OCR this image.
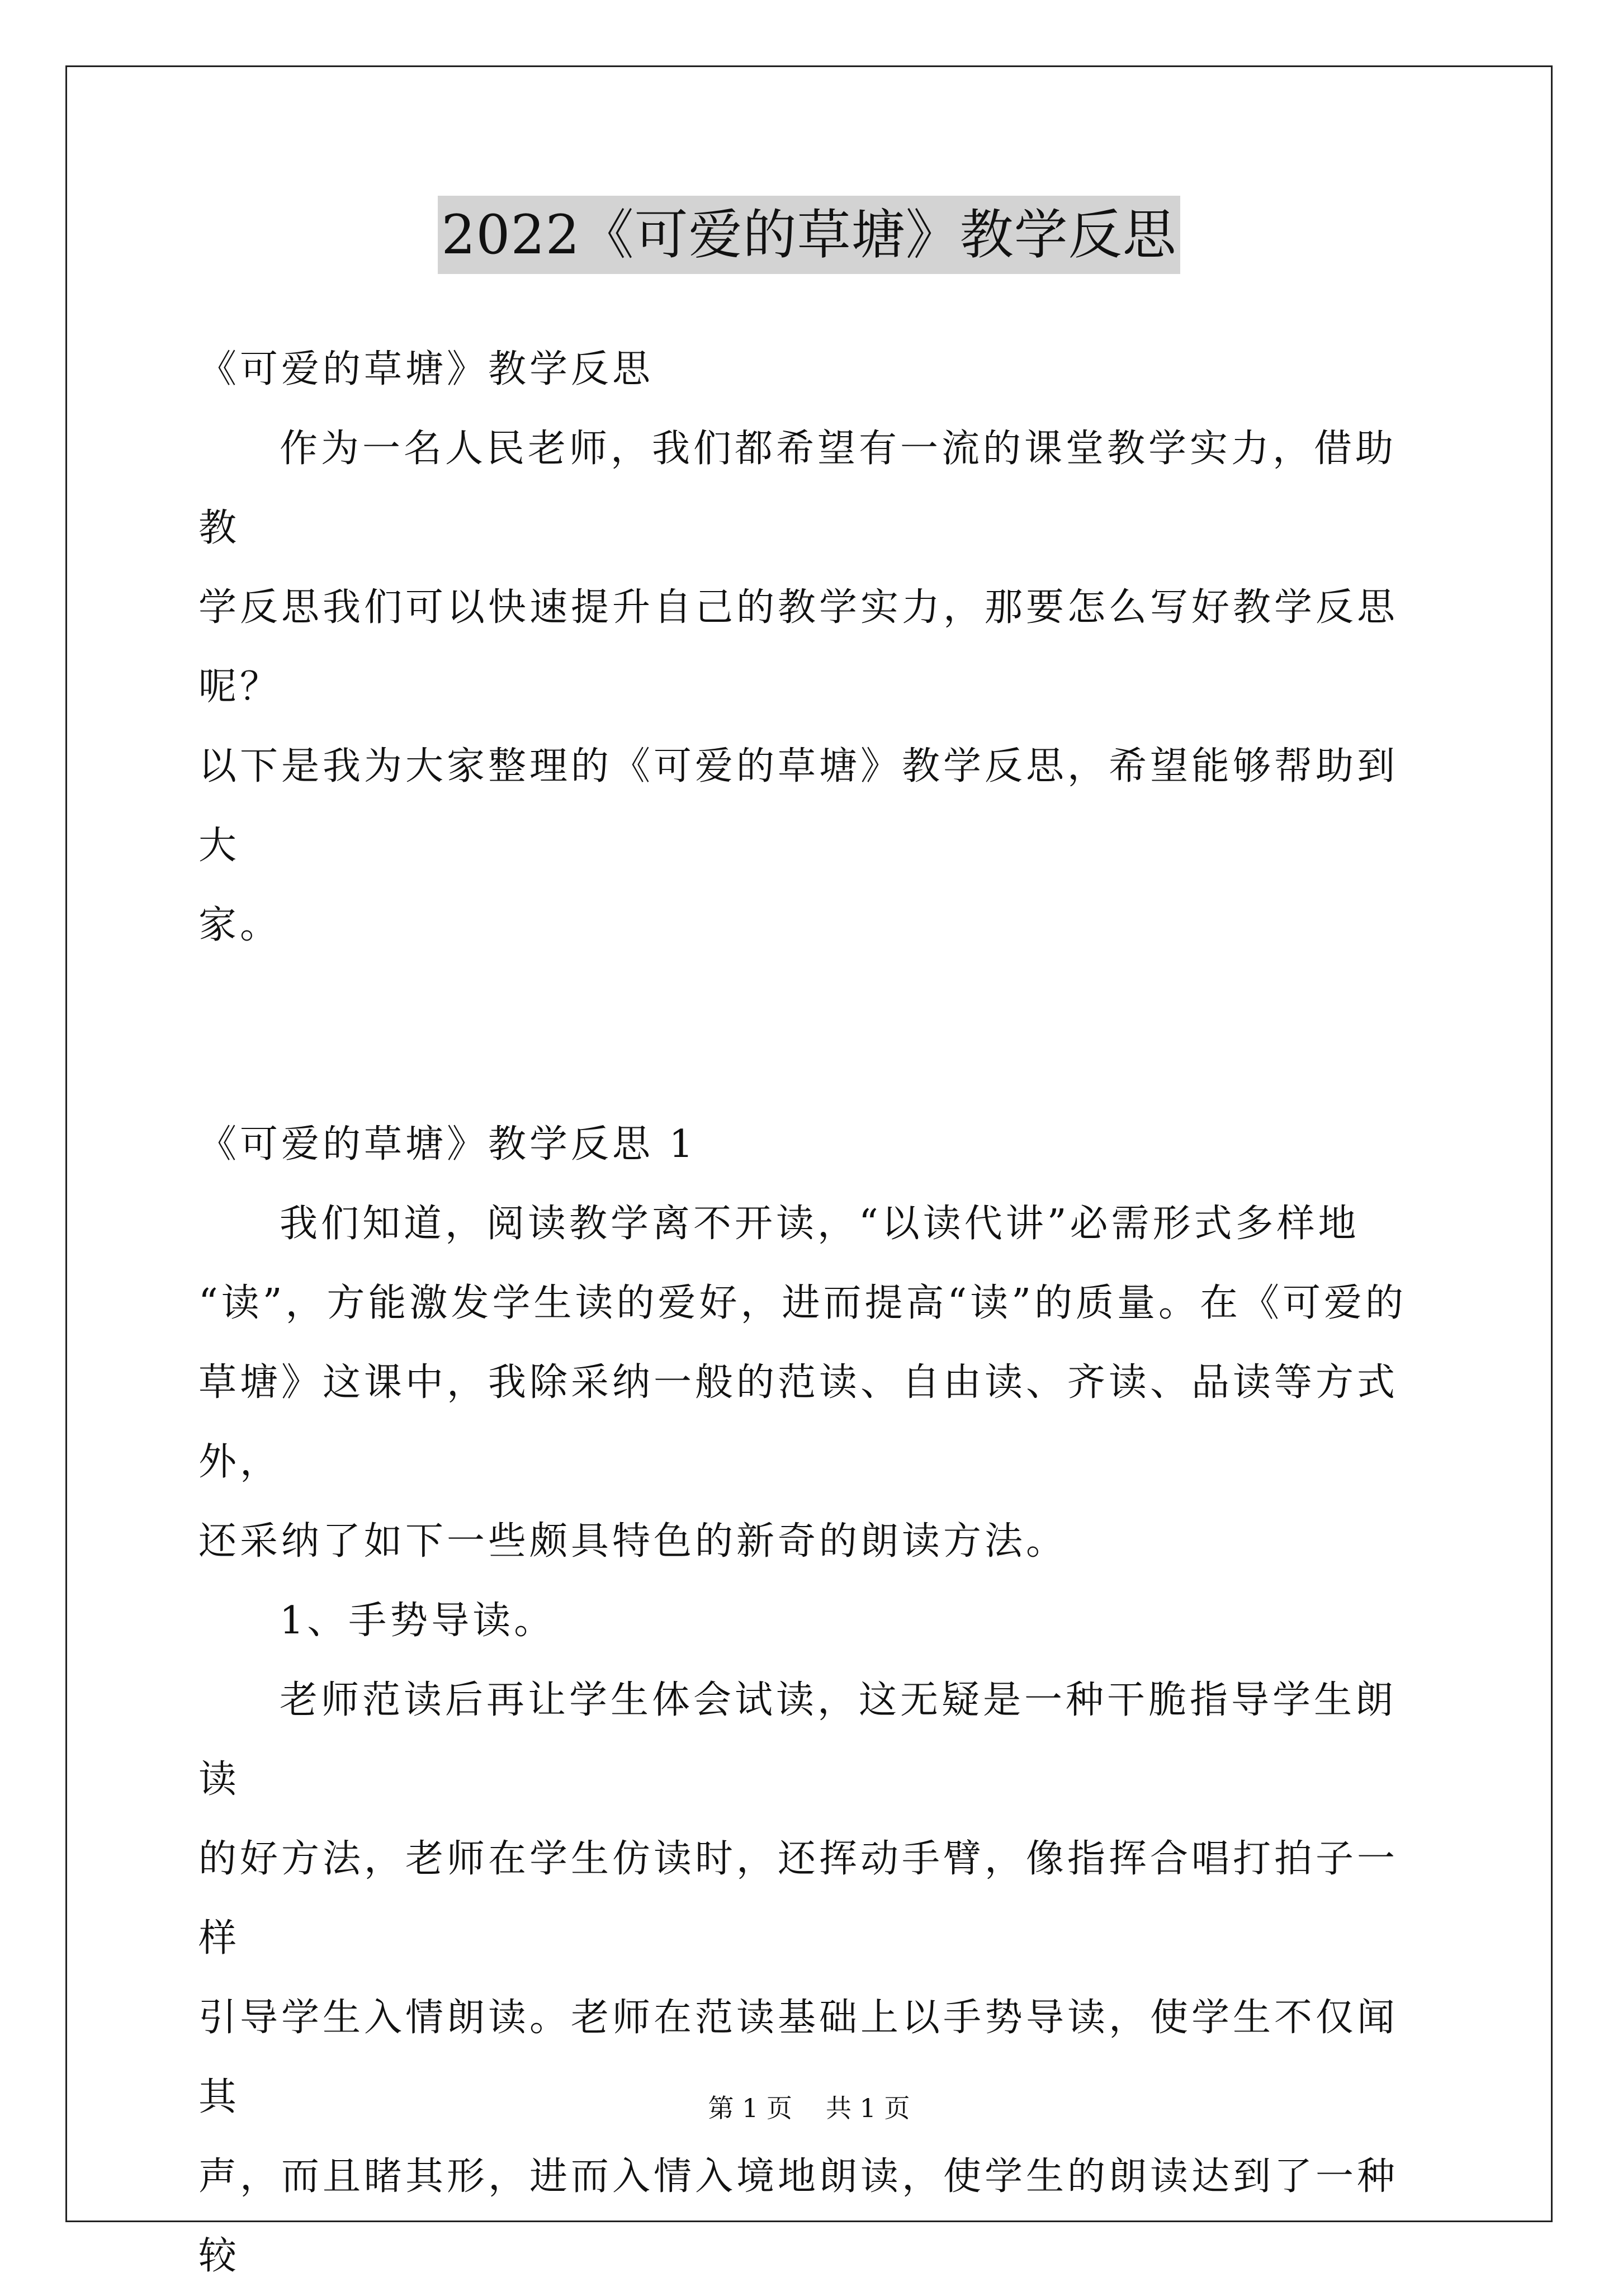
2022《可爱的草塘》教学反思

《可爱的草塘》教学反思

作为一名人民老师，我们都希望有一流的课堂教学实力，借助教

学反思我们可以快速提升自己的教学实力，那要怎么写好教学反思呢？

以下是我为大家整理的《可爱的草塘》教学反思，希望能够帮助到大

家。

《可爱的草塘》教学反思 1

我们知道，阅读教学离不开读，“以读代讲”必需形式多样地

“读”，方能激发学生读的爱好，进而提高“读”的质量。在《可爱的

草塘》这课中，我除采纳一般的范读、自由读、齐读、品读等方式外，

还采纳了如下一些颇具特色的新奇的朗读方法。

1、手势导读。

老师范读后再让学生体会试读，这无疑是一种干脆指导学生朗读

的好方法，老师在学生仿读时，还挥动手臂，像指挥合唱打拍子一样

引导学生入情朗读。老师在范读基础上以手势导读，使学生不仅闻其

声，而且睹其形，进而入情入境地朗读，使学生的朗读达到了一种较

第 1 页 共 1 页
